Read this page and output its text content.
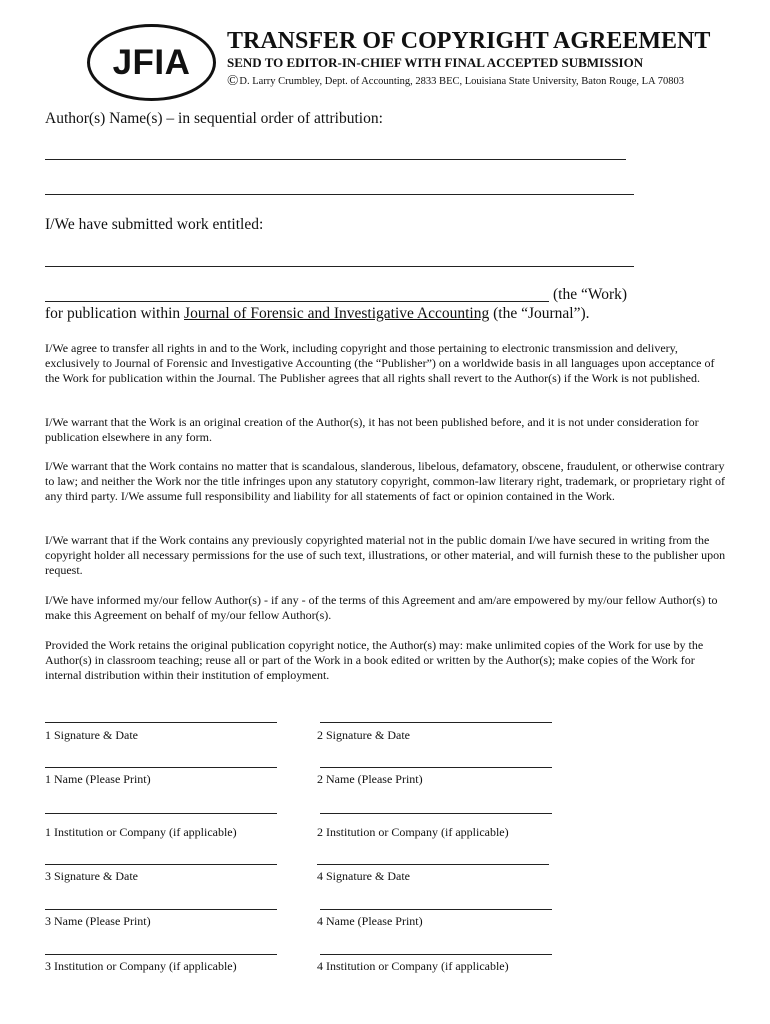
JFIA
TRANSFER OF COPYRIGHT AGREEMENT
SEND TO EDITOR-IN-CHIEF WITH FINAL ACCEPTED SUBMISSION
© D. Larry Crumbley, Dept. of Accounting, 2833 BEC, Louisiana State University, Baton Rouge, LA 70803
Author(s) Name(s) – in sequential order of attribution:
I/We have submitted work entitled:
(the “Work)
for publication within Journal of Forensic and Investigative Accounting (the “Journal”).

I/We agree to transfer all rights in and to the Work, including copyright and those pertaining to electronic transmission and delivery, exclusively to Journal of Forensic and Investigative Accounting (the “Publisher”) on a worldwide basis in all languages upon acceptance of the Work for publication within the Journal. The Publisher agrees that all rights shall revert to the Author(s) if the Work is not published.

I/We warrant that the Work is an original creation of the Author(s), it has not been published before, and it is not under consideration for publication elsewhere in any form.

I/We warrant that the Work contains no matter that is scandalous, slanderous, libelous, defamatory, obscene, fraudulent, or otherwise contrary to law; and neither the Work nor the title infringes upon any statutory copyright, common-law literary right, trademark, or proprietary right of any third party. I/We assume full responsibility and liability for all statements of fact or opinion contained in the Work.

I/We warrant that if the Work contains any previously copyrighted material not in the public domain I/we have secured in writing from the copyright holder all necessary permissions for the use of such text, illustrations, or other material, and will furnish these to the publisher upon request.

I/We have informed my/our fellow Author(s) - if any - of the terms of this Agreement and am/are empowered by my/our fellow Author(s) to make this Agreement on behalf of my/our fellow Author(s).

Provided the Work retains the original publication copyright notice, the Author(s) may: make unlimited copies of the Work for use by the Author(s) in classroom teaching; reuse all or part of the Work in a book edited or written by the Author(s); make copies of the Work for internal distribution within their institution of employment.

1 Signature & Date
1 Name (Please Print)
1 Institution or Company (if applicable)
3 Signature & Date
3 Name (Please Print)
3 Institution or Company (if applicable)
2 Signature & Date
2 Name (Please Print)
2 Institution or Company (if applicable)
4 Signature & Date
4 Name (Please Print)
4 Institution or Company (if applicable)
